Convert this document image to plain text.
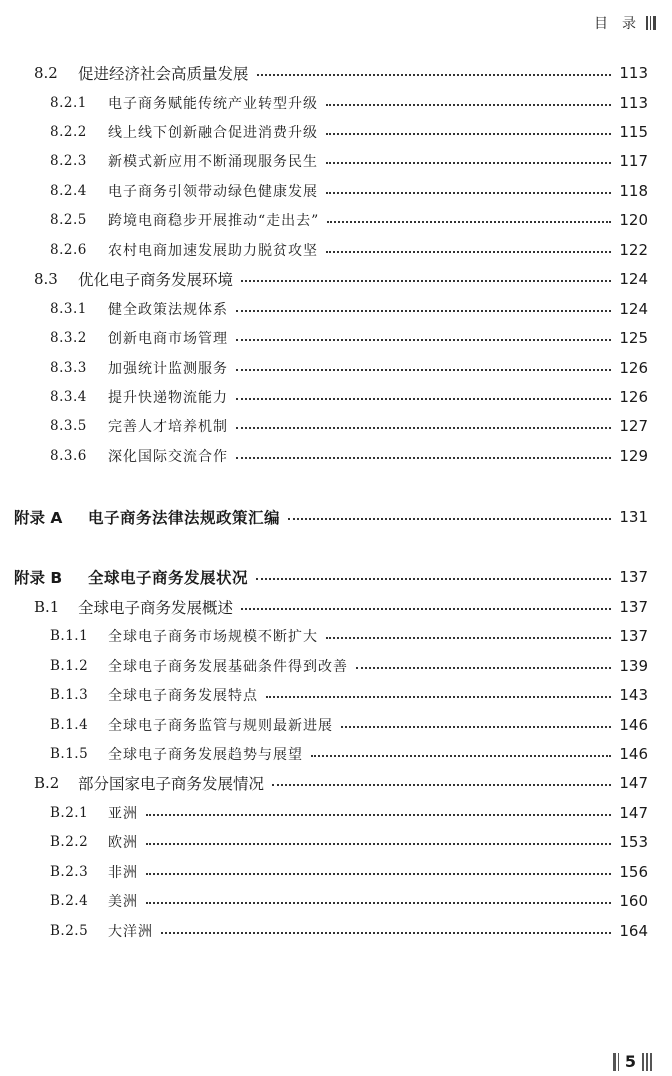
目　录
8.2	促进经济社会高质量发展	113
8.2.1	电子商务赋能传统产业转型升级	113
8.2.2	线上线下创新融合促进消费升级	115
8.2.3	新模式新应用不断涌现服务民生	117
8.2.4	电子商务引领带动绿色健康发展	118
8.2.5	跨境电商稳步开展推动“走出去”	120
8.2.6	农村电商加速发展助力脱贫攻坚	122
8.3	优化电子商务发展环境	124
8.3.1	健全政策法规体系	124
8.3.2	创新电商市场管理	125
8.3.3	加强统计监测服务	126
8.3.4	提升快递物流能力	126
8.3.5	完善人才培养机制	127
8.3.6	深化国际交流合作	129
附录 A	电子商务法律法规政策汇编	131
附录 B	全球电子商务发展状况	137
B.1	全球电子商务发展概述	137
B.1.1	全球电子商务市场规模不断扩大	137
B.1.2	全球电子商务发展基础条件得到改善	139
B.1.3	全球电子商务发展特点	143
B.1.4	全球电子商务监管与规则最新进展	146
B.1.5	全球电子商务发展趋势与展望	146
B.2	部分国家电子商务发展情况	147
B.2.1	亚洲	147
B.2.2	欧洲	153
B.2.3	非洲	156
B.2.4	美洲	160
B.2.5	大洋洲	164
5
